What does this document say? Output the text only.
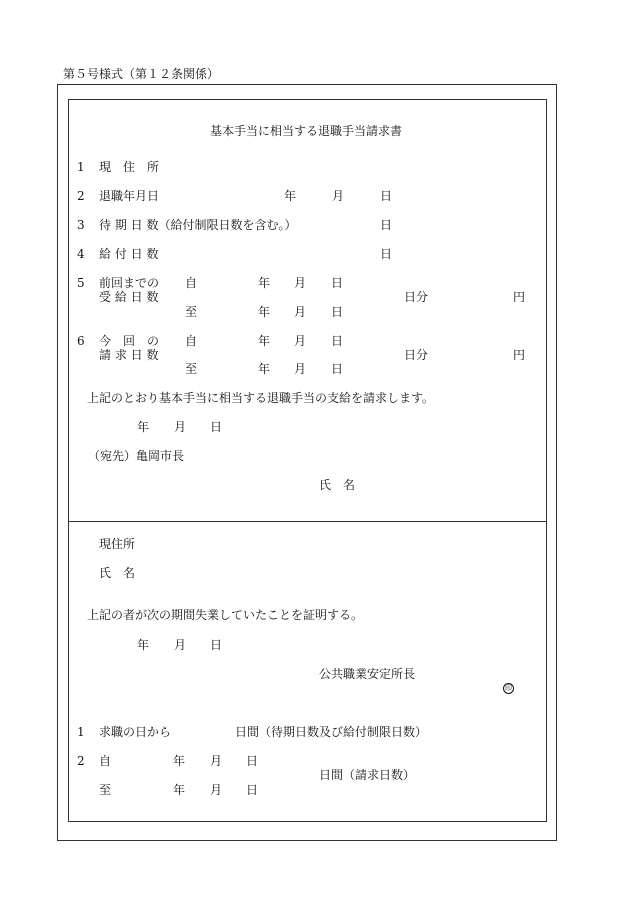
第５号様式（第１２条関係）
基本手当に相当する退職手当請求書
1 現　住　所
2 退職年月日	年	月	日
3 待 期 日 数（給付制限日数を含む。）	日
4 給 付 日 数	日
5 前回までの
受 給 日 数
自	年 月 日
日分	円
至	年 月 日
6 今　回　の
請 求 日 数
自	年 月 日
日分	円
至	年 月 日
上記のとおり基本手当に相当する退職手当の支給を請求します。
年 月 日
（宛先）亀岡市長
氏　名
現住所
氏　名
上記の者が次の期間失業していたことを証明する。
年 月 日
公共職業安定所長
印
1 求職の日から	日間（待期日数及び給付制限日数）
2 自	年 月 日
日間（請求日数）
至	年 月 日
